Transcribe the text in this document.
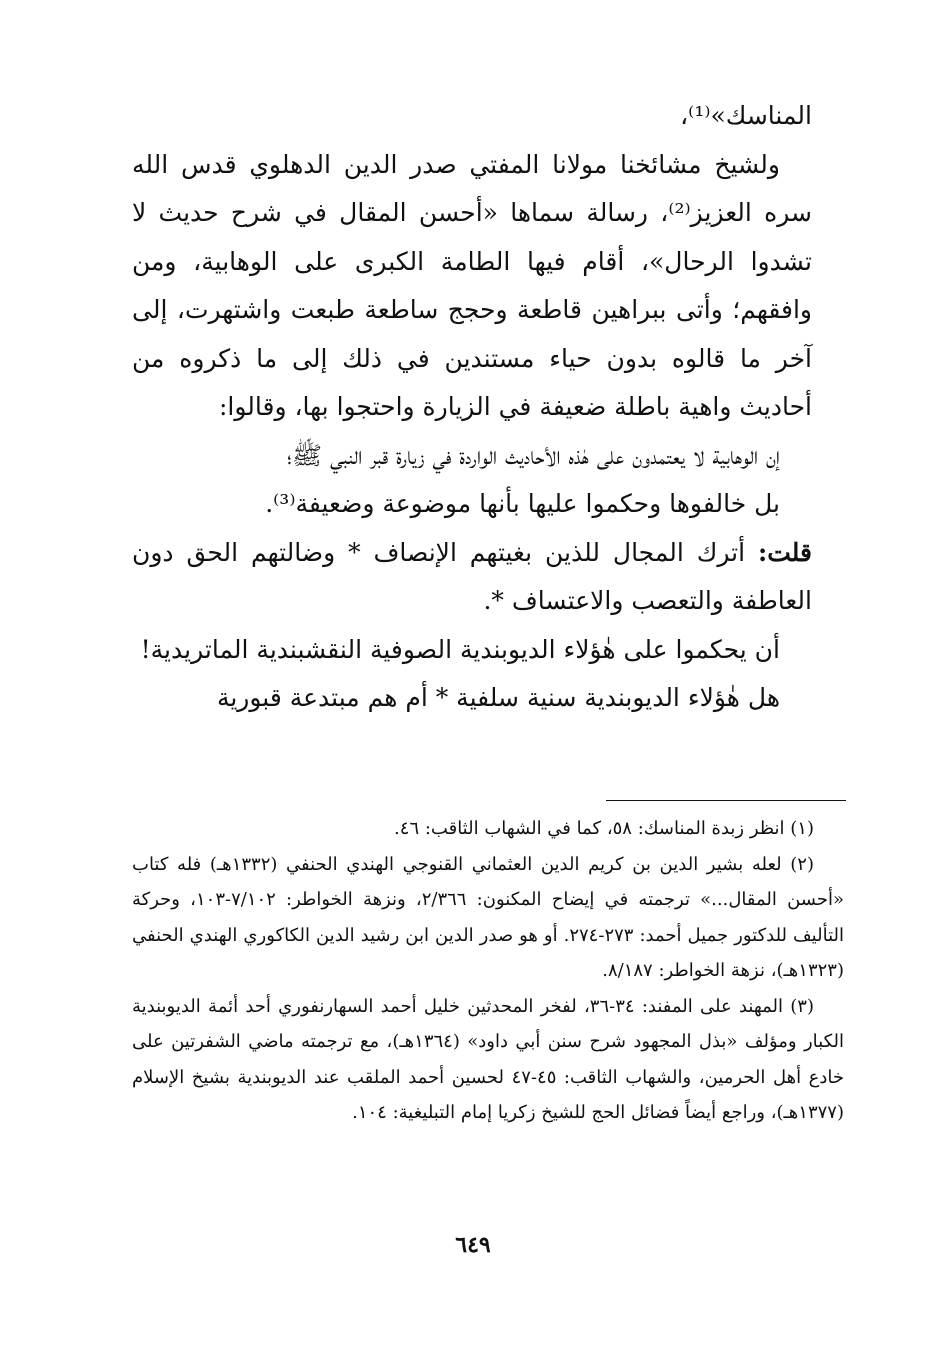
المناسك»⁽¹⁾،

ولشيخ مشائخنا مولانا المفتي صدر الدين الدهلوي قدس الله سره العزيز⁽²⁾، رسالة سماها «أحسن المقال في شرح حديث لا تشدوا الرحال»، أقام فيها الطامة الكبرى على الوهابية، ومن وافقهم؛ وأتى ببراهين قاطعة وحجج ساطعة طبعت واشتهرت، إلى آخر ما قالوه بدون حياء مستندين في ذلك إلى ما ذكروه من أحاديث واهية باطلة ضعيفة في الزيارة واحتجوا بها، وقالوا:

إن الوهابية لا يعتمدون على هٰذه الأحاديث الواردة في زيارة قبر النبي ﷺ؛

بل خالفوها وحكموا عليها بأنها موضوعة وضعيفة⁽³⁾.

قلت: أترك المجال للذين بغيتهم الإنصاف * وضالتهم الحق دون العاطفة والتعصب والاعتساف *.

أن يحكموا على هٰؤلاء الديوبندية الصوفية النقشبندية الماتريدية!

هل هٰؤلاء الديوبندية سنية سلفية * أم هم مبتدعة قبورية

(١) انظر زبدة المناسك: ٥٨، كما في الشهاب الثاقب: ٤٦.

(٢) لعله بشير الدين بن كريم الدين العثماني القنوجي الهندي الحنفي (١٣٣٢هـ) فله كتاب «أحسن المقال...» ترجمته في إيضاح المكنون: ٢/٣٦٦، ونزهة الخواطر: ٧/١٠٢-١٠٣، وحركة التأليف للدكتور جميل أحمد: ٢٧٣-٢٧٤. أو هو صدر الدين ابن رشيد الدين الكاكوري الهندي الحنفي (١٣٢٣هـ)، نزهة الخواطر: ٨/١٨٧.

(٣) المهند على المفند: ٣٤-٣٦، لفخر المحدثين خليل أحمد السهارنفوري أحد أئمة الديوبندية الكبار ومؤلف «بذل المجهود شرح سنن أبي داود» (١٣٦٤هـ)، مع ترجمته ماضي الشفرتين على خادع أهل الحرمين، والشهاب الثاقب: ٤٥-٤٧ لحسين أحمد الملقب عند الديوبندية بشيخ الإسلام (١٣٧٧هـ)، وراجع أيضاً فضائل الحج للشيخ زكريا إمام التبليغية: ١٠٤.

٦٤٩
